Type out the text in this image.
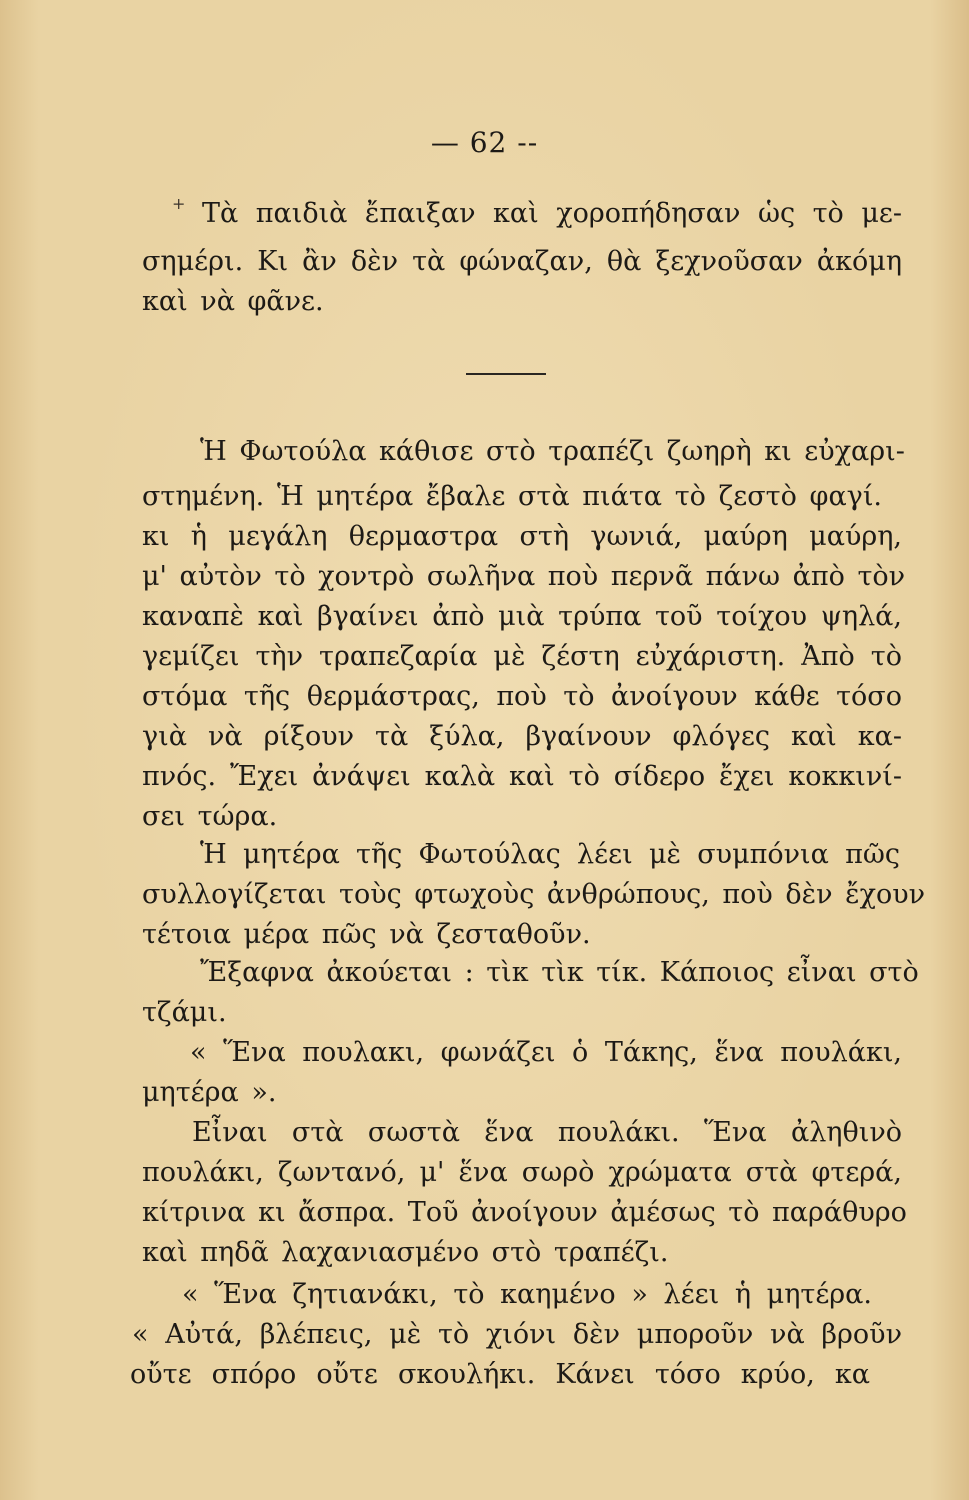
— 62 --
+ Τὰ παιδιὰ ἔπαιξαν καὶ χοροπήδησαν ὡς τὸ με-
σημέρι. Κι ἂν δὲν τὰ φώναζαν, θὰ ξεχνοῦσαν ἀκόμη
καὶ νὰ φᾶνε.
Ἡ Φωτούλα κάθισε στὸ τραπέζι ζωηρὴ κι εὐχαρι-
στημένη. Ἡ μητέρα ἔβαλε στὰ πιάτα τὸ ζεστὸ φαγί.
κι ἡ μεγάλη θερμαστρα στὴ γωνιά, μαύρη μαύρη,
μ' αὐτὸν τὸ χοντρὸ σωλῆνα ποὺ περνᾶ πάνω ἀπὸ τὸν
καναπὲ καὶ βγαίνει ἀπὸ μιὰ τρύπα τοῦ τοίχου ψηλά,
γεμίζει τὴν τραπεζαρία μὲ ζέστη εὐχάριστη. Ἀπὸ τὸ
στόμα τῆς θερμάστρας, ποὺ τὸ ἀνοίγουν κάθε τόσο
γιὰ νὰ ρίξουν τὰ ξύλα, βγαίνουν φλόγες καὶ κα-
πνός. Ἔχει ἀνάψει καλὰ καὶ τὸ σίδερο ἔχει κοκκινί-
σει τώρα.
Ἡ μητέρα τῆς Φωτούλας λέει μὲ συμπόνια πῶς
συλλογίζεται τοὺς φτωχοὺς ἀνθρώπους, ποὺ δὲν ἔχουν
τέτοια μέρα πῶς νὰ ζεσταθοῦν.
Ἔξαφνα ἀκούεται : τὶκ τὶκ τίκ. Κάποιος εἶναι στὸ
τζάμι.
« Ἕνα πουλακι, φωνάζει ὁ Τάκης, ἕνα πουλάκι,
μητέρα ».
Εἶναι στὰ σωστὰ ἕνα πουλάκι. Ἕνα ἀληθινὸ
πουλάκι, ζωντανό, μ' ἕνα σωρὸ χρώματα στὰ φτερά,
κίτρινα κι ἄσπρα. Τοῦ ἀνοίγουν ἀμέσως τὸ παράθυρο
καὶ πηδᾶ λαχανιασμένο στὸ τραπέζι.
« Ἕνα ζητιανάκι, τὸ καημένο » λέει ἡ μητέρα.
« Αὐτά, βλέπεις, μὲ τὸ χιόνι δὲν μποροῦν νὰ βροῦν
οὔτε σπόρο οὔτε σκουλήκι. Κάνει τόσο κρύο, κα
